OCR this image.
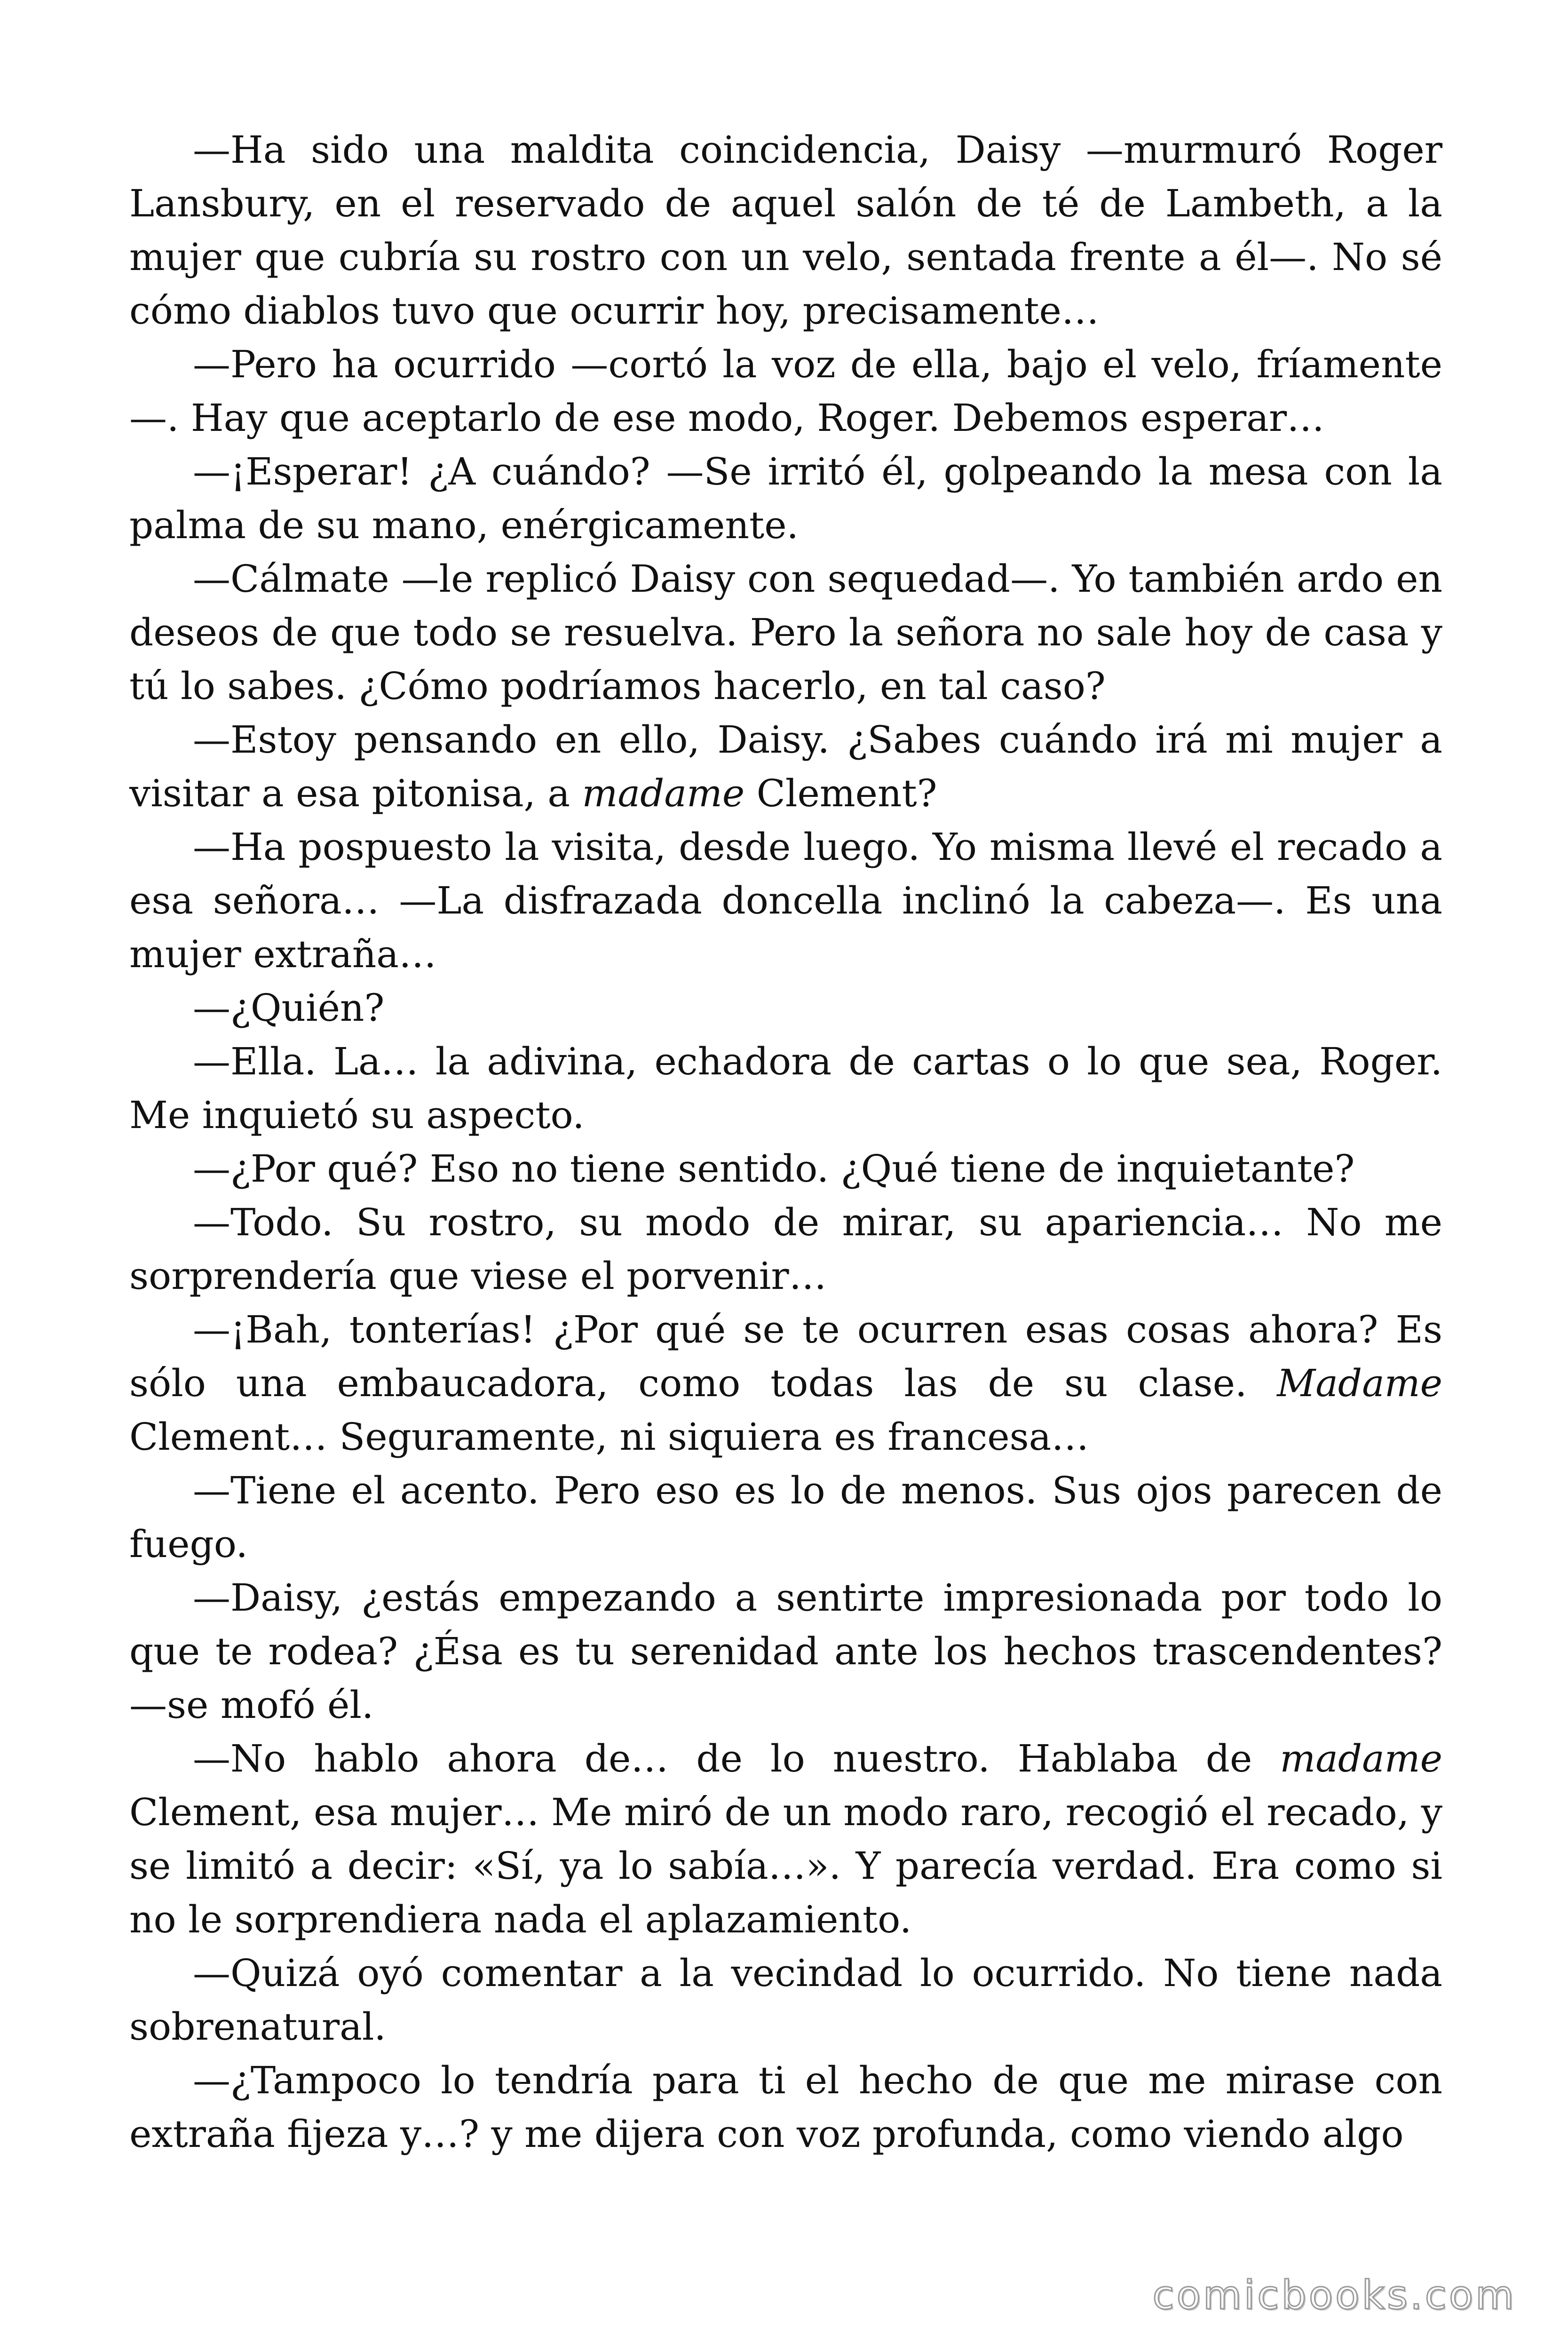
—Ha sido una maldita coincidencia, Daisy —murmuró Roger Lansbury, en el reservado de aquel salón de té de Lambeth, a la mujer que cubría su rostro con un velo, sentada frente a él—. No sé cómo diablos tuvo que ocurrir hoy, precisamente…

—Pero ha ocurrido —cortó la voz de ella, bajo el velo, fríamente —. Hay que aceptarlo de ese modo, Roger. Debemos esperar…

—¡Esperar! ¿A cuándo? —Se irritó él, golpeando la mesa con la palma de su mano, enérgicamente.

—Cálmate —le replicó Daisy con sequedad—. Yo también ardo en deseos de que todo se resuelva. Pero la señora no sale hoy de casa y tú lo sabes. ¿Cómo podríamos hacerlo, en tal caso?

—Estoy pensando en ello, Daisy. ¿Sabes cuándo irá mi mujer a visitar a esa pitonisa, a madame Clement?

—Ha pospuesto la visita, desde luego. Yo misma llevé el recado a esa señora… —La disfrazada doncella inclinó la cabeza—. Es una mujer extraña…

—¿Quién?

—Ella. La… la adivina, echadora de cartas o lo que sea, Roger. Me inquietó su aspecto.

—¿Por qué? Eso no tiene sentido. ¿Qué tiene de inquietante?

—Todo. Su rostro, su modo de mirar, su apariencia… No me sorprendería que viese el porvenir…

—¡Bah, tonterías! ¿Por qué se te ocurren esas cosas ahora? Es sólo una embaucadora, como todas las de su clase. Madame Clement… Seguramente, ni siquiera es francesa…

—Tiene el acento. Pero eso es lo de menos. Sus ojos parecen de fuego.

—Daisy, ¿estás empezando a sentirte impresionada por todo lo que te rodea? ¿Ésa es tu serenidad ante los hechos trascendentes? —se mofó él.

—No hablo ahora de… de lo nuestro. Hablaba de madame Clement, esa mujer… Me miró de un modo raro, recogió el recado, y se limitó a decir: «Sí, ya lo sabía…». Y parecía verdad. Era como si no le sorprendiera nada el aplazamiento.

—Quizá oyó comentar a la vecindad lo ocurrido. No tiene nada sobrenatural.

—¿Tampoco lo tendría para ti el hecho de que me mirase con extraña fijeza y…? y me dijera con voz profunda, como viendo algo

comicbooks.com
